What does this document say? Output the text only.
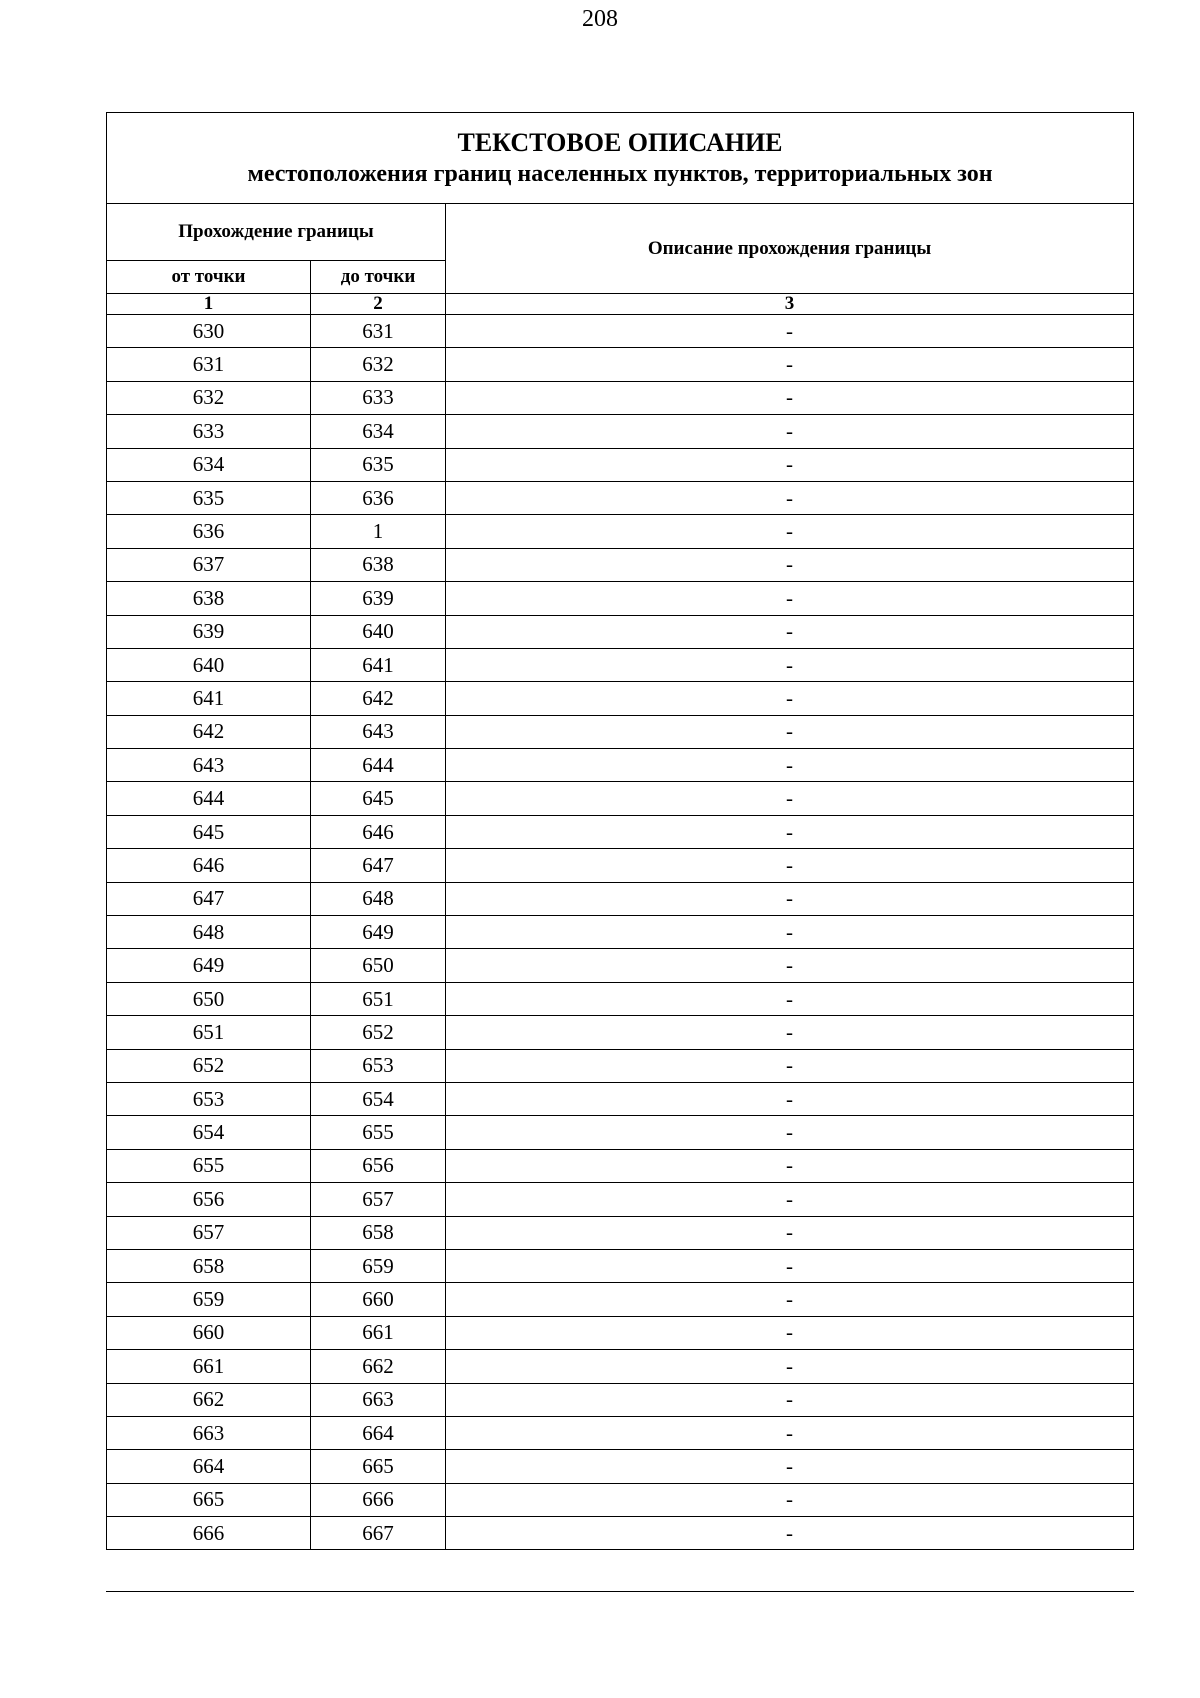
208
ТЕКСТОВОЕ ОПИСАНИЕ
местоположения границ населенных пунктов, территориальных зон		

Прохождение границы		Описание прохождения границы
от точки	до точки	
1	2	3
630	631	-
631	632	-
632	633	-
633	634	-
634	635	-
635	636	-
636	1	-
637	638	-
638	639	-
639	640	-
640	641	-
641	642	-
642	643	-
643	644	-
644	645	-
645	646	-
646	647	-
647	648	-
648	649	-
649	650	-
650	651	-
651	652	-
652	653	-
653	654	-
654	655	-
655	656	-
656	657	-
657	658	-
658	659	-
659	660	-
660	661	-
661	662	-
662	663	-
663	664	-
664	665	-
665	666	-
666	667	-
